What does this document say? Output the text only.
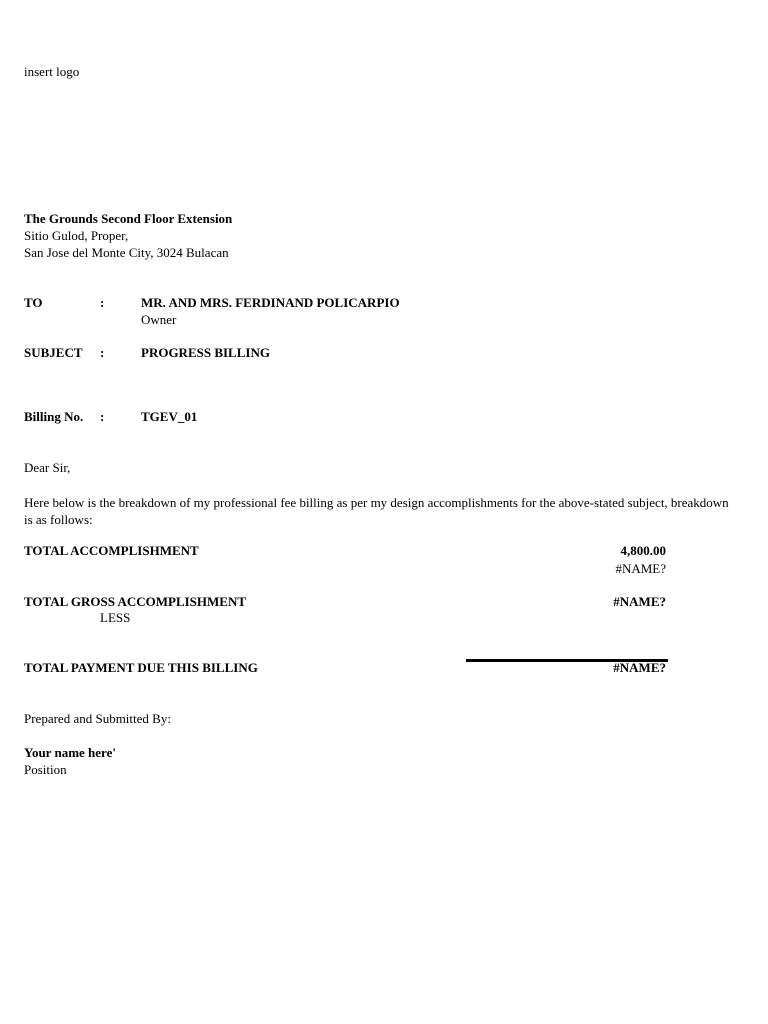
insert logo
The Grounds Second Floor Extension
Sitio Gulod, Proper,
San Jose del Monte City, 3024 Bulacan
TO	:	MR. AND MRS. FERDINAND POLICARPIO
Owner
SUBJECT :	PROGRESS BILLING
Billing No. :	TGEV_01
Dear Sir,
Here below is the breakdown of my professional fee billing as per my design accomplishments for the above-stated subject, breakdown is as follows:
TOTAL ACCOMPLISHMENT	4,800.00
#NAME?
TOTAL GROSS ACCOMPLISHMENT	#NAME?
LESS
TOTAL PAYMENT DUE THIS BILLING	#NAME?
Prepared and Submitted By:
Your name here'
Position
